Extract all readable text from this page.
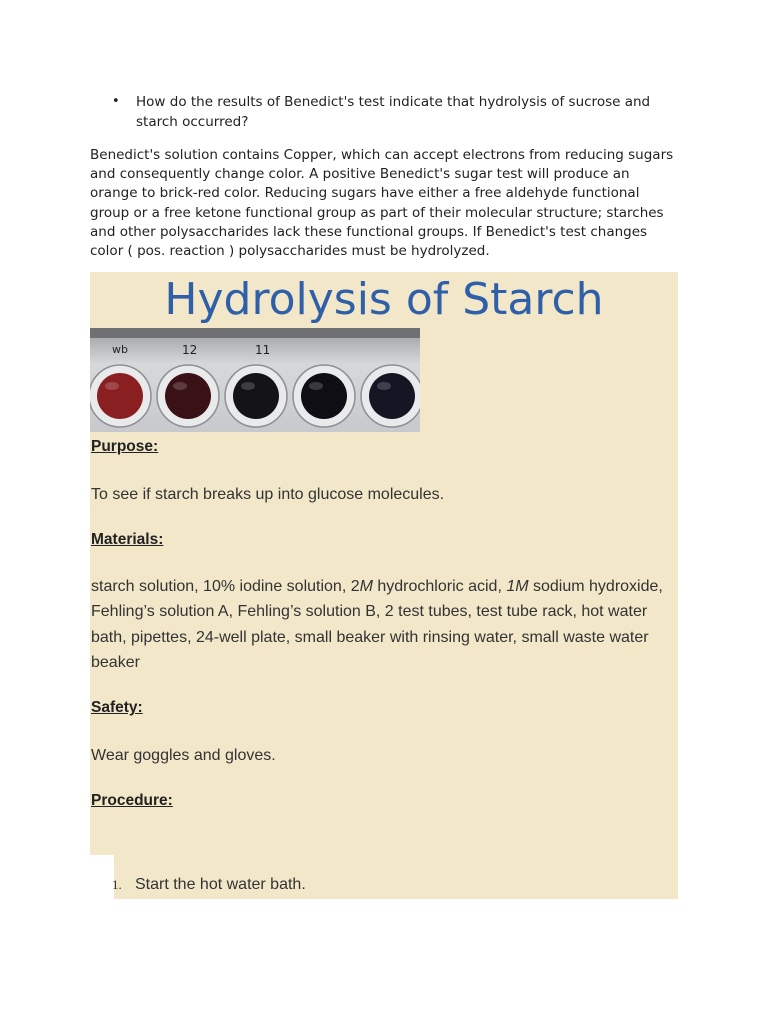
• How do the results of Benedict's test indicate that hydrolysis of sucrose and starch occurred?
Benedict's solution contains Copper, which can accept electrons from reducing sugars and consequently change color. A positive Benedict's sugar test will produce an orange to brick-red color. Reducing sugars have either a free aldehyde functional group or a free ketone functional group as part of their molecular structure; starches and other polysaccharides lack these functional groups. If Benedict's test changes color ( pos. reaction ) polysaccharides must be hydrolyzed.
Hydrolysis of Starch
wb	12	11
Purpose:
To see if starch breaks up into glucose molecules.
Materials:
starch solution, 10% iodine solution, 2M hydrochloric acid, 1M sodium hydroxide, Fehling’s solution A, Fehling’s solution B, 2 test tubes, test tube rack, hot water bath, pipettes, 24-well plate, small beaker with rinsing water, small waste water beaker
Safety:
Wear goggles and gloves.
Procedure:
1. Start the hot water bath.
